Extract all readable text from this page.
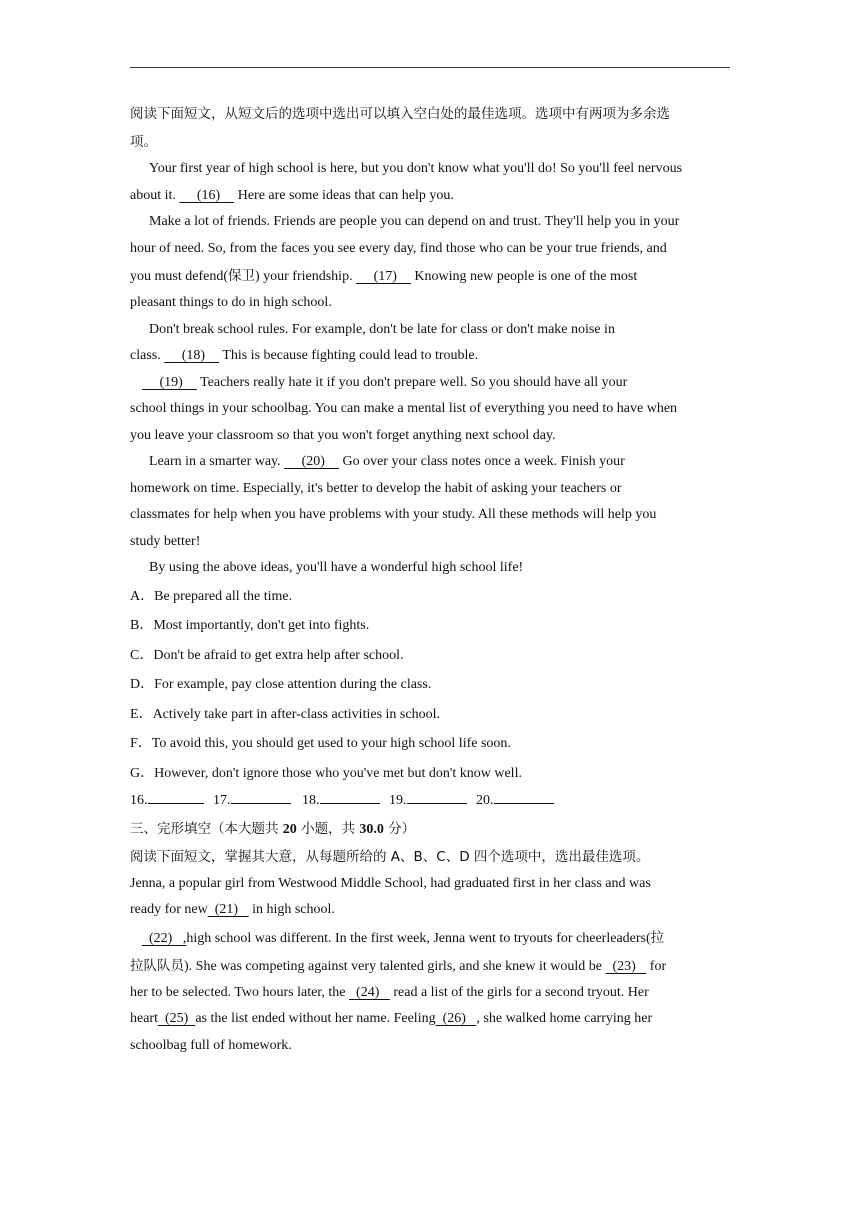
阅读下面短文，从短文后的选项中选出可以填入空白处的最佳选项。选项中有两项为多余选
项。
Your first year of high school is here, but you don't know what you'll do! So you'll feel nervous
about it.      (16)     Here are some ideas that can help you.
Make a lot of friends. Friends are people you can depend on and trust. They'll help you in your
hour of need. So, from the faces you see every day, find those who can be your true friends, and
you must defend(保卫) your friendship.      (17)     Knowing new people is one of the most
pleasant things to do in high school.
Don't break school rules. For example, don't be late for class or don't make noise in
class.      (18)     This is because fighting could lead to trouble.
(19)     Teachers really hate it if you don't prepare well. So you should have all your
school things in your schoolbag. You can make a mental list of everything you need to have when
you leave your classroom so that you won't forget anything next school day.
Learn in a smarter way.      (20)     Go over your class notes once a week. Finish your
homework on time. Especially, it's better to develop the habit of asking your teachers or
classmates for help when you have problems with your study. All these methods will help you
study better!
By using the above ideas, you'll have a wonderful high school life!
A．Be prepared all the time.
B．Most importantly, don't get into fights.
C．Don't be afraid to get extra help after school.
D．For example, pay close attention during the class.
E．Actively take part in after-class activities in school.
F．To avoid this, you should get used to your high school life soon.
G．However, don't ignore those who you've met but don't know well.
16.	17.	18.	19.	20.
三、完形填空（本大题共 20 小题，共 30.0 分）
阅读下面短文，掌握其大意，从每题所给的 A、B、C、D 四个选项中，选出最佳选项。
Jenna, a popular girl from Westwood Middle School, had graduated first in her class and was
ready for new  (21)    in high school.
(22)   ,high school was different. In the first week, Jenna went to tryouts for cheerleaders(拉
拉队队员). She was competing against very talented girls, and she knew it would be   (23)    for
her to be selected. Two hours later, the   (24)    read a list of the girls for a second tryout. Her
heart  (25)  as the list ended without her name. Feeling  (26)   , she walked home carrying her
schoolbag full of homework.
